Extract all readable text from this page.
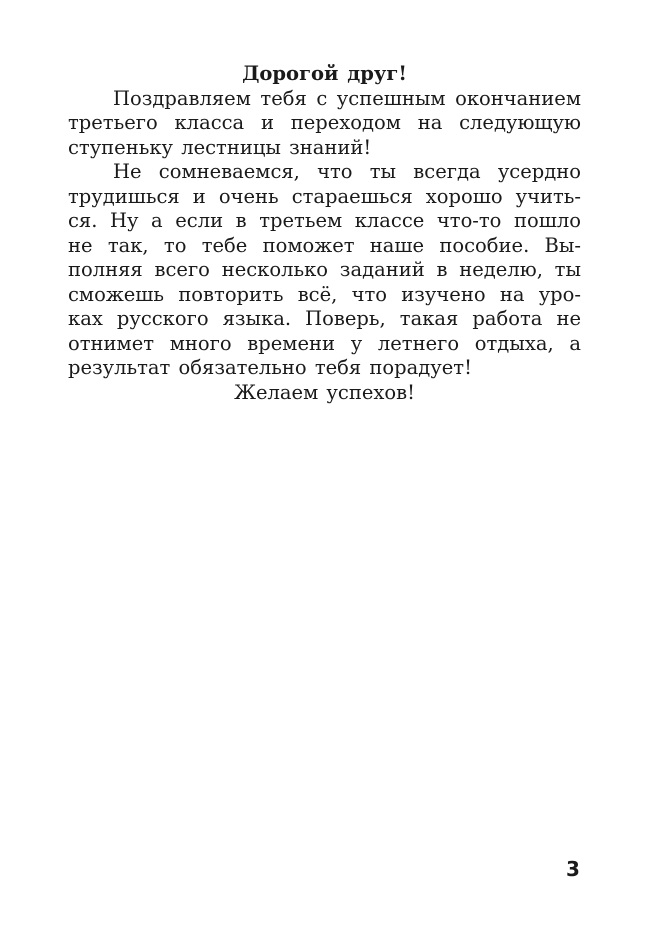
Дорогой друг!
Поздравляем тебя с успешным окончанием
третьего класса и переходом на следующую
ступеньку лестницы знаний!
Не сомневаемся, что ты всегда усердно
трудишься и очень стараешься хорошо учить-
ся. Ну а если в третьем классе что-то пошло
не так, то тебе поможет наше пособие. Вы-
полняя всего несколько заданий в неделю, ты
сможешь повторить всё, что изучено на уро-
ках русского языка. Поверь, такая работа не
отнимет много времени у летнего отдыха, а
результат обязательно тебя порадует!
Желаем успехов!
3
